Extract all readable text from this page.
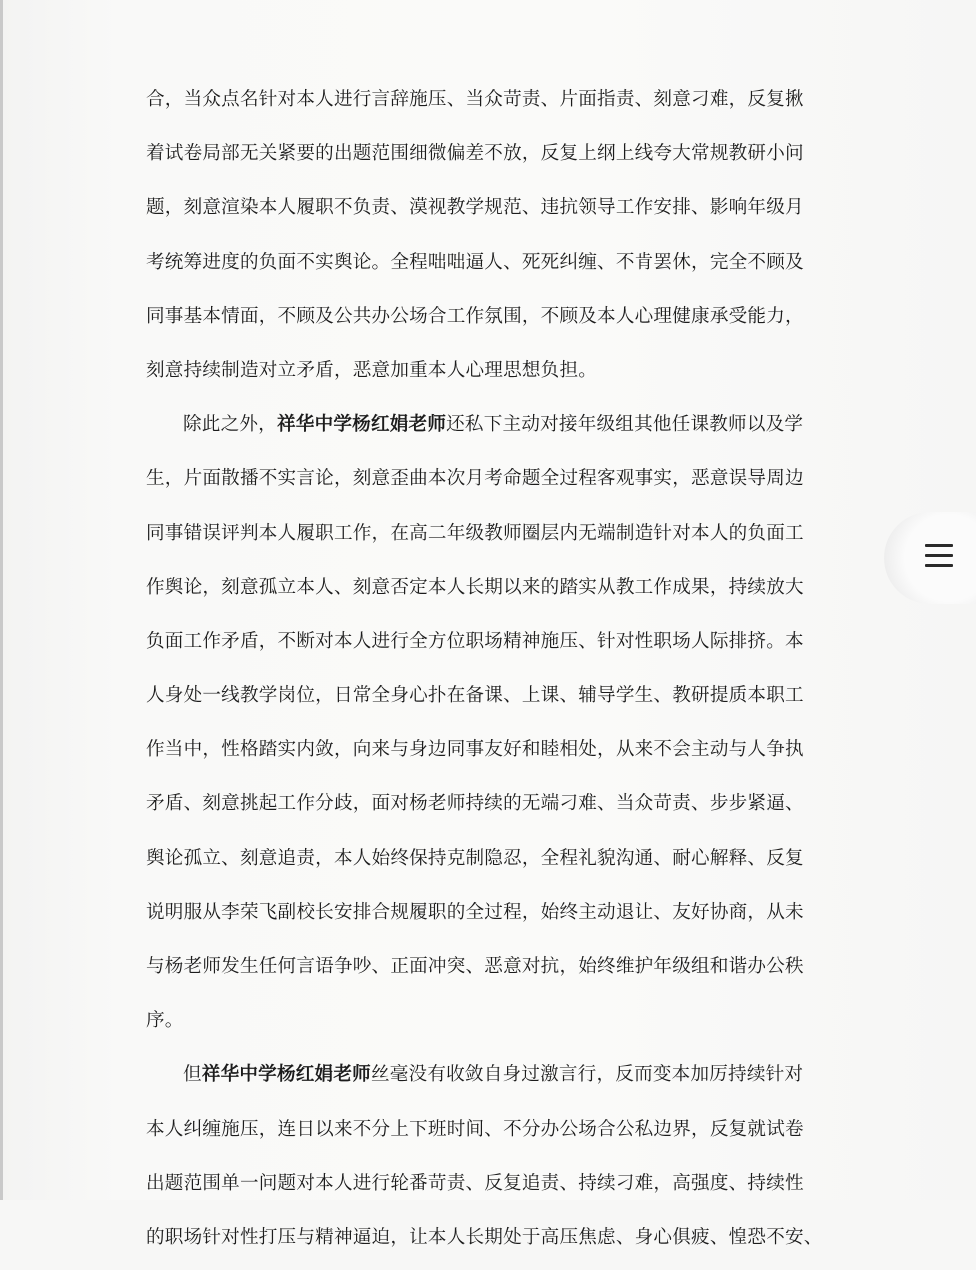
合，当众点名针对本人进行言辞施压、当众苛责、片面指责、刻意刁难，反复揪
着试卷局部无关紧要的出题范围细微偏差不放，反复上纲上线夸大常规教研小问
题，刻意渲染本人履职不负责、漠视教学规范、违抗领导工作安排、影响年级月
考统筹进度的负面不实舆论。全程咄咄逼人、死死纠缠、不肯罢休，完全不顾及
同事基本情面，不顾及公共办公场合工作氛围，不顾及本人心理健康承受能力，
刻意持续制造对立矛盾，恶意加重本人心理思想负担。
除此之外，祥华中学杨红娟老师还私下主动对接年级组其他任课教师以及学
生，片面散播不实言论，刻意歪曲本次月考命题全过程客观事实，恶意误导周边
同事错误评判本人履职工作，在高二年级教师圈层内无端制造针对本人的负面工
作舆论，刻意孤立本人、刻意否定本人长期以来的踏实从教工作成果，持续放大
负面工作矛盾，不断对本人进行全方位职场精神施压、针对性职场人际排挤。本
人身处一线教学岗位，日常全身心扑在备课、上课、辅导学生、教研提质本职工
作当中，性格踏实内敛，向来与身边同事友好和睦相处，从来不会主动与人争执
矛盾、刻意挑起工作分歧，面对杨老师持续的无端刁难、当众苛责、步步紧逼、
舆论孤立、刻意追责，本人始终保持克制隐忍，全程礼貌沟通、耐心解释、反复
说明服从李荣飞副校长安排合规履职的全过程，始终主动退让、友好协商，从未
与杨老师发生任何言语争吵、正面冲突、恶意对抗，始终维护年级组和谐办公秩
序。
但祥华中学杨红娟老师丝毫没有收敛自身过激言行，反而变本加厉持续针对
本人纠缠施压，连日以来不分上下班时间、不分办公场合公私边界，反复就试卷
出题范围单一问题对本人进行轮番苛责、反复追责、持续刁难，高强度、持续性
的职场针对性打压与精神逼迫，让本人长期处于高压焦虑、身心俱疲、惶恐不安、
